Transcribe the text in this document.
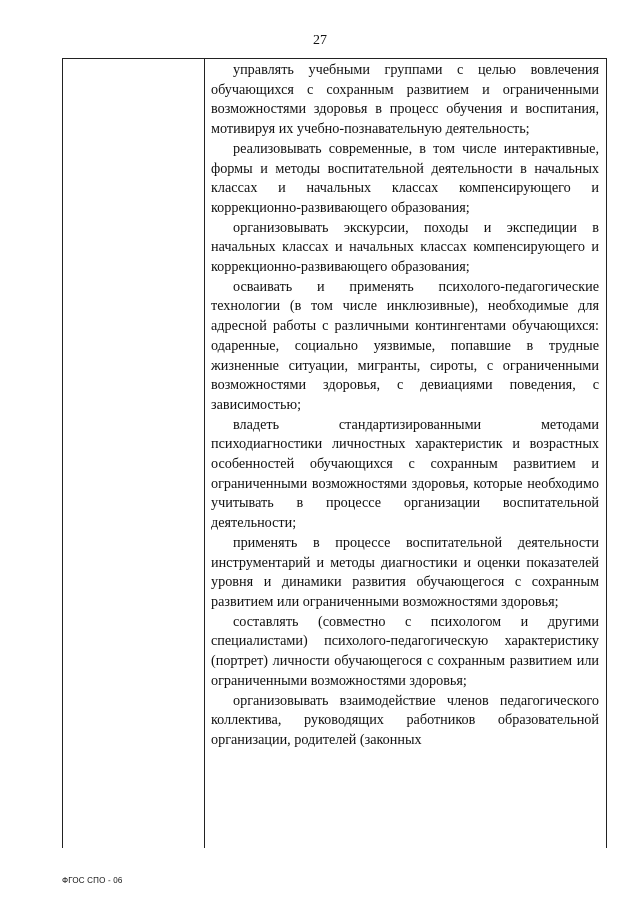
27

управлять учебными группами с целью вовлечения обучающихся с сохранным развитием и ограниченными возможностями здоровья в процесс обучения и воспитания, мотивируя их учебно-познавательную деятельность;

реализовывать современные, в том числе интерактивные, формы и методы воспитательной деятельности в начальных классах и начальных классах компенсирующего и коррекционно-развивающего образования;

организовывать экскурсии, походы и экспедиции в начальных классах и начальных классах компенсирующего и коррекционно-развивающего образования;

осваивать и применять психолого-педагогические технологии (в том числе инклюзивные), необходимые для адресной работы с различными контингентами обучающихся: одаренные, социально уязвимые, попавшие в трудные жизненные ситуации, мигранты, сироты, с ограниченными возможностями здоровья, с девиациями поведения, с зависимостью;

владеть стандартизированными методами психодиагностики личностных характеристик и возрастных особенностей обучающихся с сохранным развитием и ограниченными возможностями здоровья, которые необходимо учитывать в процессе организации воспитательной деятельности;

применять в процессе воспитательной деятельности инструментарий и методы диагностики и оценки показателей уровня и динамики развития обучающегося с сохранным развитием или ограниченными возможностями здоровья;

составлять (совместно с психологом и другими специалистами) психолого-педагогическую характеристику (портрет) личности обучающегося с сохранным развитием или ограниченными возможностями здоровья;

организовывать взаимодействие членов педагогического коллектива, руководящих работников образовательной организации, родителей (законных

ФГОС СПО - 06
